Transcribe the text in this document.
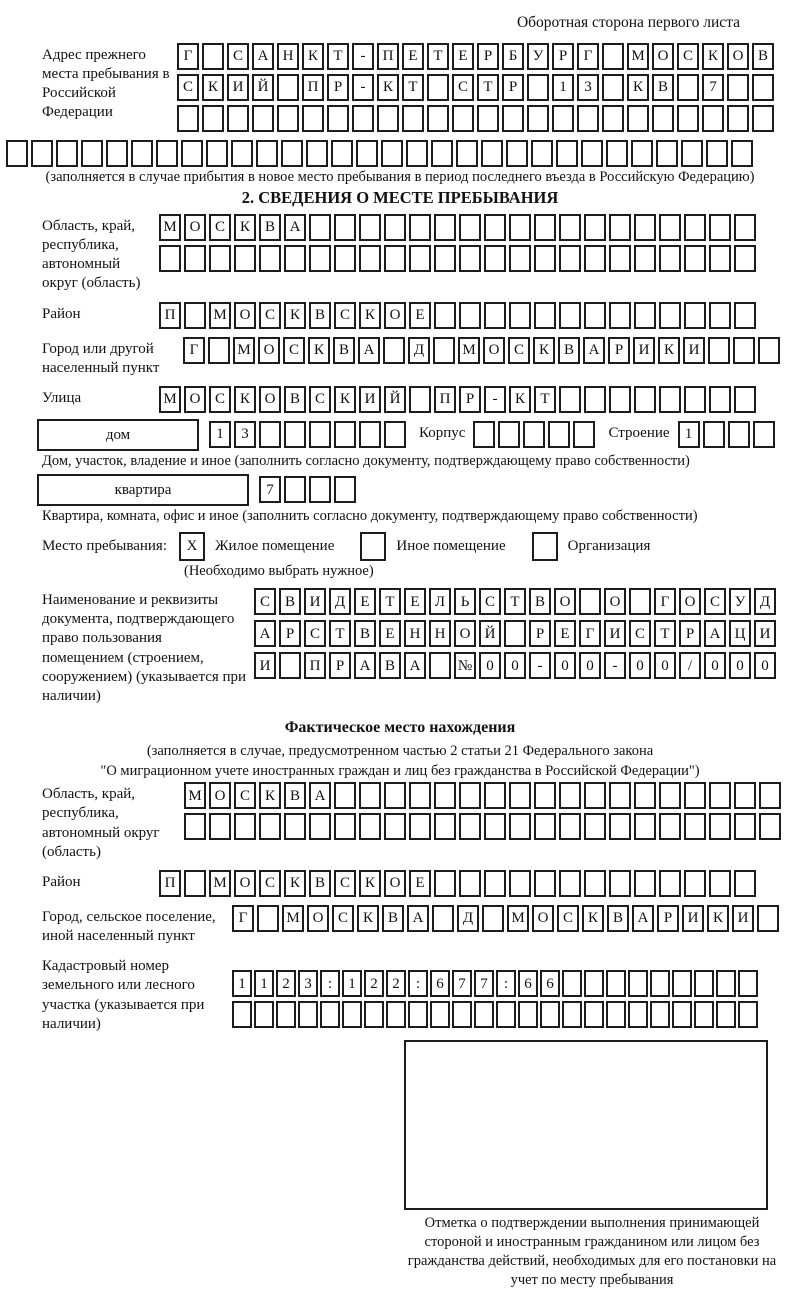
Оборотная сторона первого листа
Адрес прежнего места пребывания в Российской Федерации
Г	С А Н К	Т	-	П Е	Т	Е	Р	Б	У	Р	Г	М О С К О В
С К И Й	П	Р	-	К	Т	С	Т	Р	1	3	К В	7
(заполняется в случае прибытия в новое место пребывания в период последнего въезда в Российскую Федерацию)
2. СВЕДЕНИЯ О МЕСТЕ ПРЕБЫВАНИЯ
Область, край, республика, автономный округ (область)
М О С К В А
Район	П	М О С К В С К О Е
Город или другой населенный пункт
Г	М О С К В А	Д	М О С К В А	Р	И К И
Улица	М О С К О В С К И Й	П	Р	-	К	Т
дом	1	3	Корпус	Строение	1
Дом, участок, владение и иное (заполнить согласно документу, подтверждающему право собственности)
квартира	7
Квартира, комната, офис и иное (заполнить согласно документу, подтверждающему право собственности)
Место пребывания:	X	Жилое помещение	Иное помещение	Организация
(Необходимо выбрать нужное)
Наименование и реквизиты документа, подтверждающего право пользования помещением (строением, сооружением) (указывается при наличии)
С В И Д	Е	Т	Е	Л	Ь	С	Т	В О	О	Г	О С У Д
А	Р	С	Т	В	Е	Н Н О Й	Р	Е	Г	И С	Т	Р	А Ц И
И	П	Р	А В А	№ 0	0	-	0	0	-	0	0	/	0	0	0
Фактическое место нахождения
(заполняется в случае, предусмотренном частью 2 статьи 21 Федерального закона
"О миграционном учете иностранных граждан и лиц без гражданства в Российской Федерации")
Область, край, республика, автономный округ (область)
М О С К В А
Район	П	М О С К В С К О Е
Город, сельское поселение, иной населенный пункт
Г	М О С К В А	Д	М О С К В А	Р	И К И
Кадастровый номер земельного или лесного участка (указывается при наличии)
1 1 2 3	:	1 2 2	:	6 7 7	:	6 6
Отметка о подтверждении выполнения принимающей стороной и иностранным гражданином или лицом без гражданства действий, необходимых для его постановки на учет по месту пребывания
